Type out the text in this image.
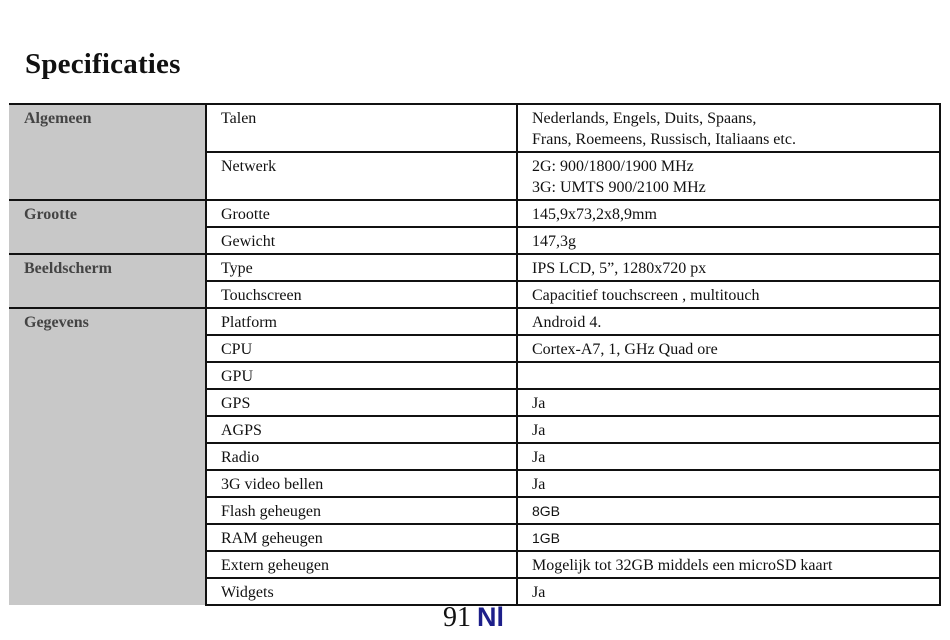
Specificaties
Algemeen	Talen	Nederlands, Engels, Duits, Spaans,
Frans, Roemeens, Russisch, Italiaans etc.

	Netwerk	2G: 900/1800/1900 MHz
3G: UMTS 900/2100 MHz

Grootte	Grootte	145,9x73,2x8,9mm

	Gewicht	147,3g

Beeldscherm	Type	IPS LCD, 5”, 1280x720 px

	Touchscreen	Capacitief touchscreen , multitouch

Gegevens	Platform	Android 4.

	CPU	Cortex-A7, 1, GHz Quad ore

	GPU	

	GPS	Ja

	AGPS	Ja

	Radio	Ja

	3G video bellen	Ja

	Flash geheugen	8GB

	RAM geheugen	1GB

	Extern geheugen	Mogelijk tot 32GB middels een microSD kaart

	Widgets	Ja
91 Nl
